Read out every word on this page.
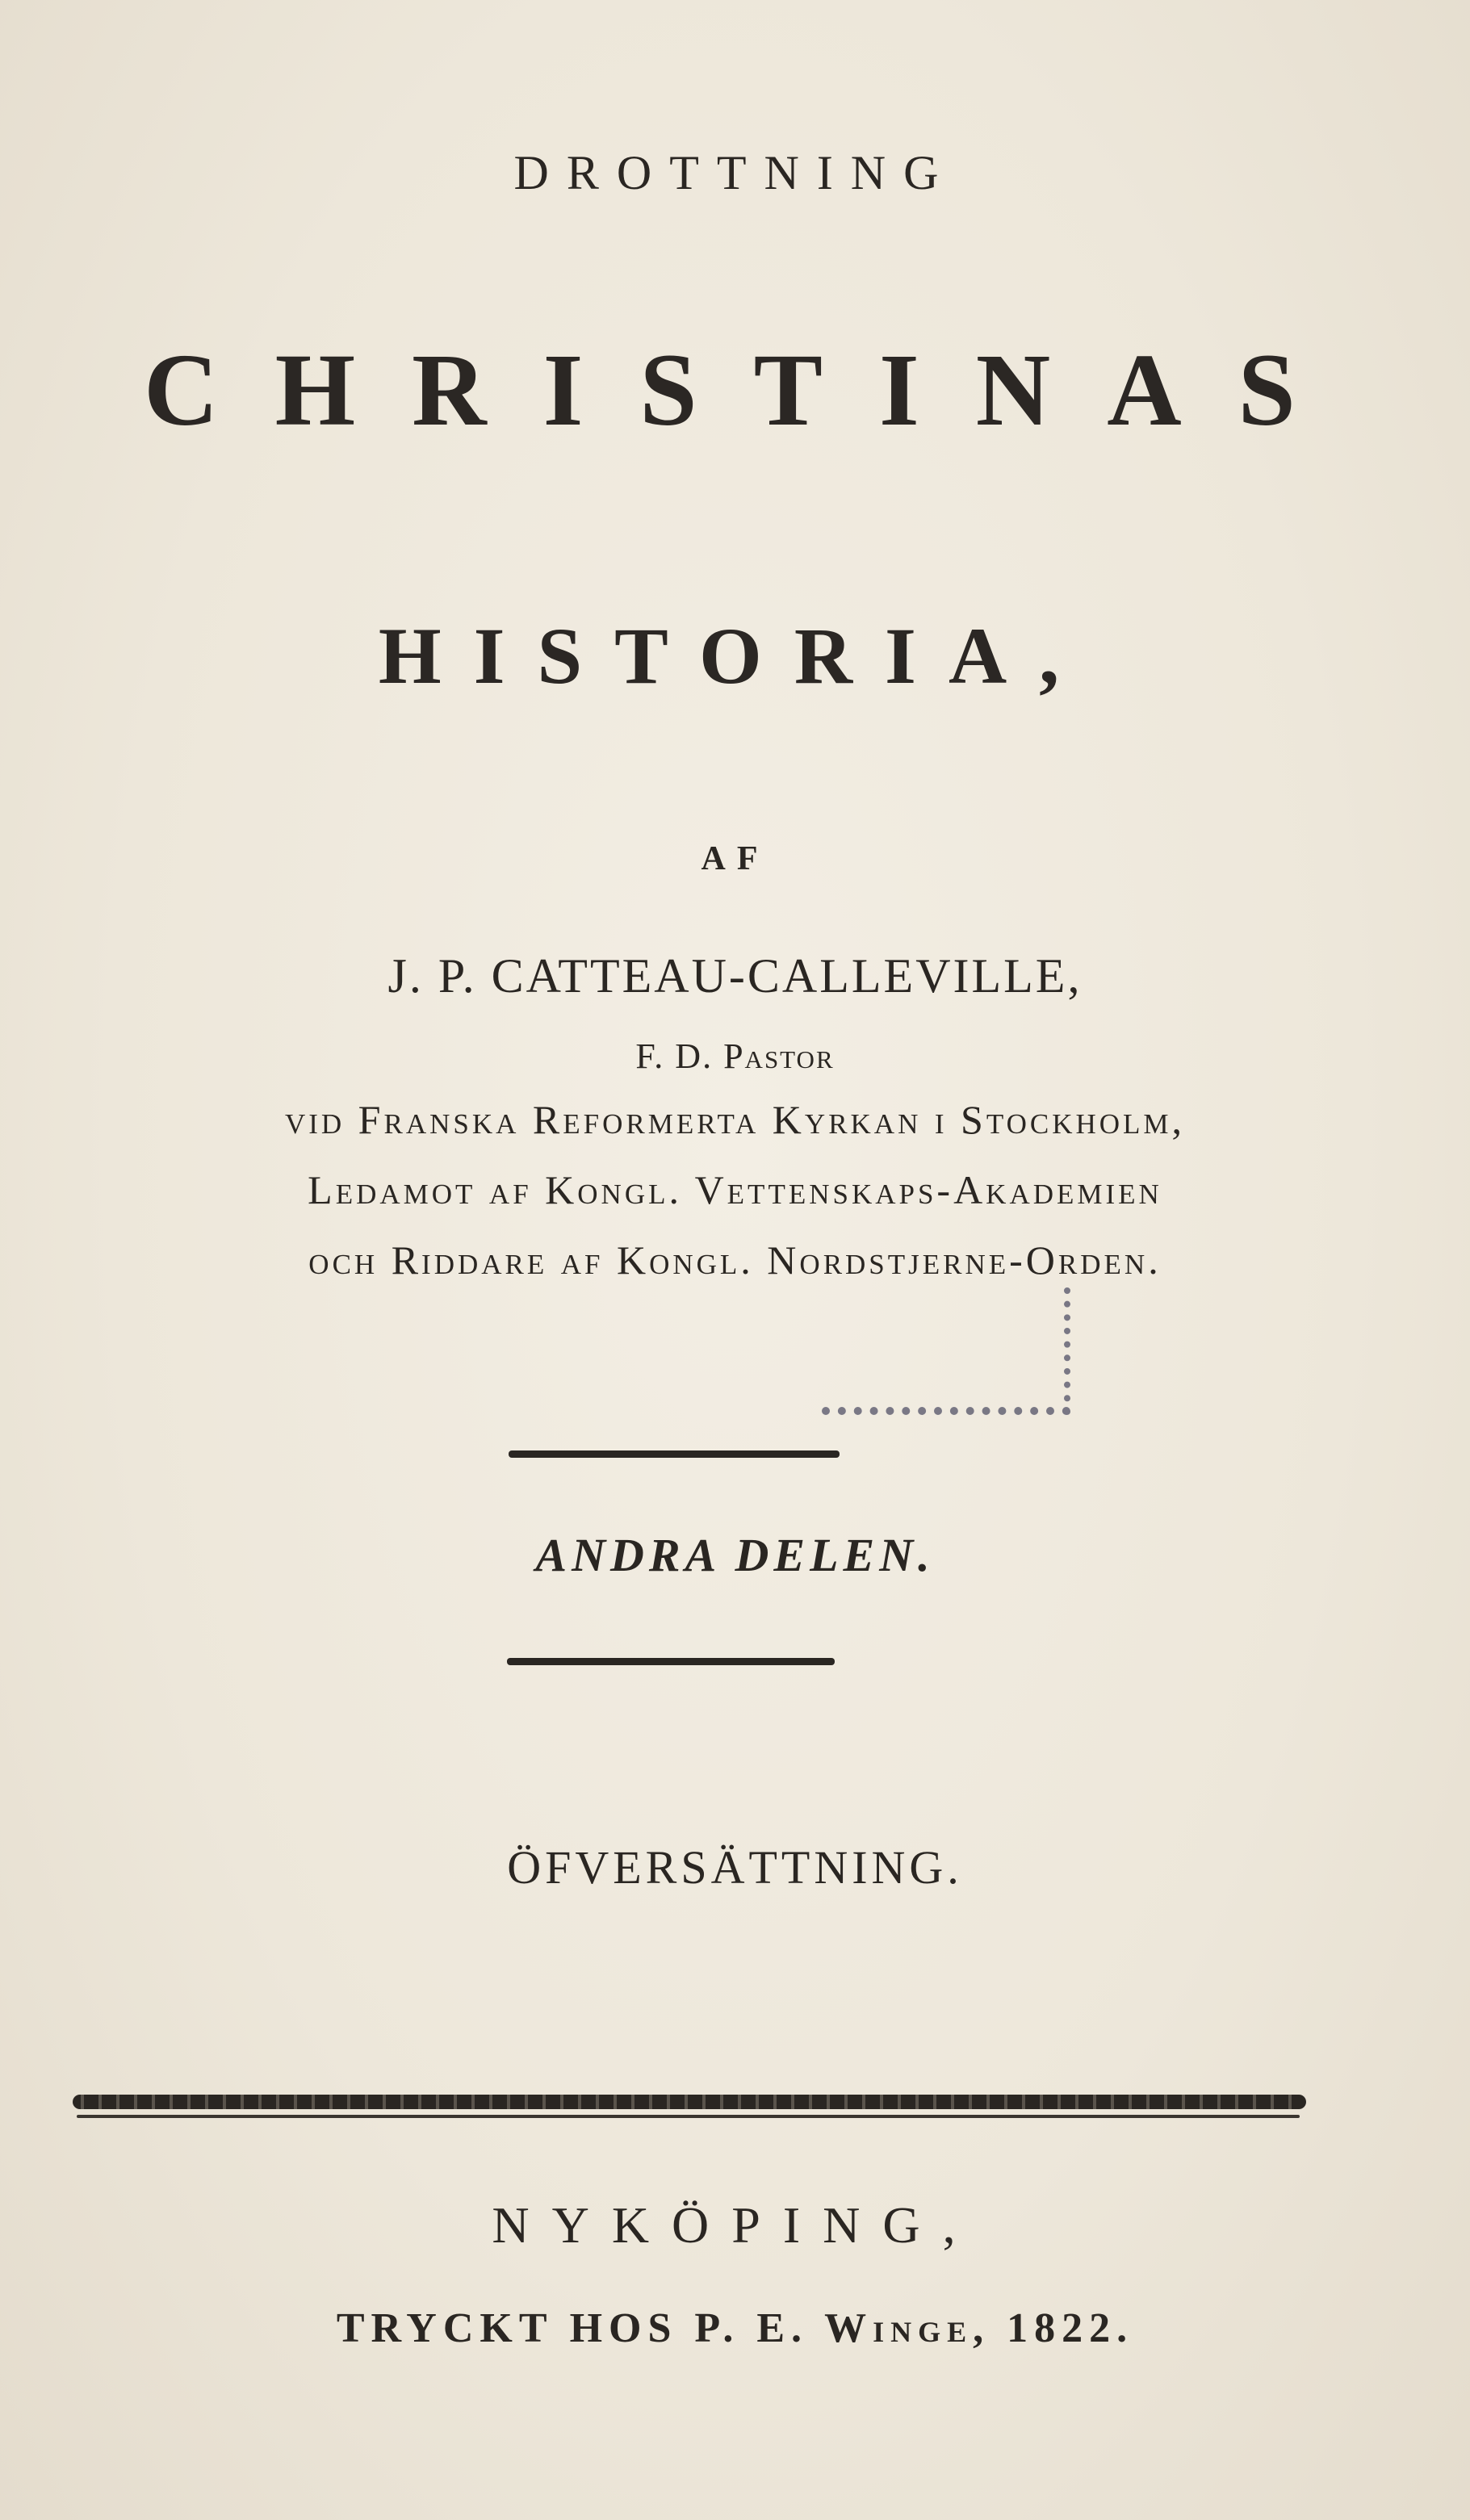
DROTTNING
CHRISTINAS
HISTORIA,
AF
J. P. CATTEAU-CALLEVILLE,
F. D. Pastor
vid Franska Reformerta Kyrkan i Stockholm,
Ledamot af Kongl. Vettenskaps-Akademien
och Riddare af Kongl. Nordstjerne-Orden.
ANDRA DELEN.
ÖFVERSÄTTNING.
NYKÖPING,
TRYCKT HOS P. E. Winge, 1822.
